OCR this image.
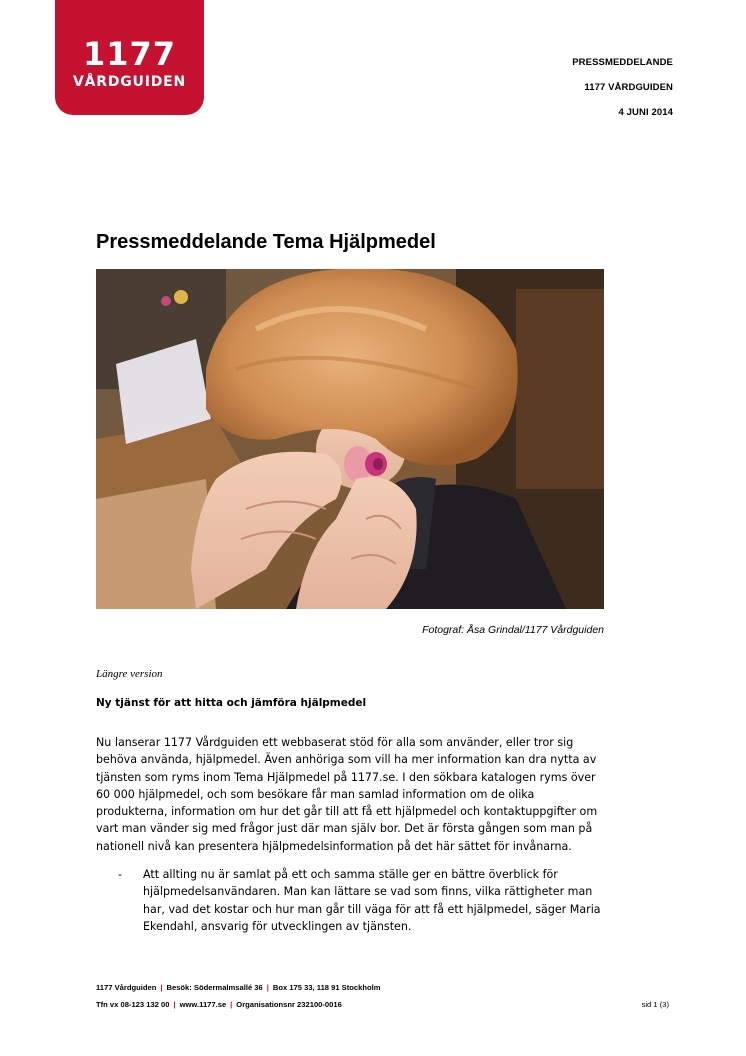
1177
VÅRDGUIDEN
PRESSMEDDELANDE
1177 VÅRDGUIDEN
4 JUNI 2014
Pressmeddelande Tema Hjälpmedel
Fotograf: Åsa Grindal/1177 Vårdguiden
Längre version
Ny tjänst för att hitta och jämföra hjälpmedel
Nu lanserar 1177 Vårdguiden ett webbaserat stöd för alla som använder, eller tror sig
behöva använda, hjälpmedel. Även anhöriga som vill ha mer information kan dra nytta av
tjänsten som ryms inom Tema Hjälpmedel på 1177.se. I den sökbara katalogen ryms över
60 000 hjälpmedel, och som besökare får man samlad information om de olika
produkterna, information om hur det går till att få ett hjälpmedel och kontaktuppgifter om
vart man vänder sig med frågor just där man själv bor. Det är första gången som man på
nationell nivå kan presentera hjälpmedelsinformation på det här sättet för invånarna.
- Att allting nu är samlat på ett och samma ställe ger en bättre överblick för
hjälpmedelsanvändaren. Man kan lättare se vad som finns, vilka rättigheter man
har, vad det kostar och hur man går till väga för att få ett hjälpmedel, säger Maria
Ekendahl, ansvarig för utvecklingen av tjänsten.
1177 Vårdguiden | Besök: Södermalmsallé 36 | Box 175 33, 118 91 Stockholm
Tfn vx 08-123 132 00 | www.1177.se | Organisationsnr 232100-0016	sid 1 (3)
